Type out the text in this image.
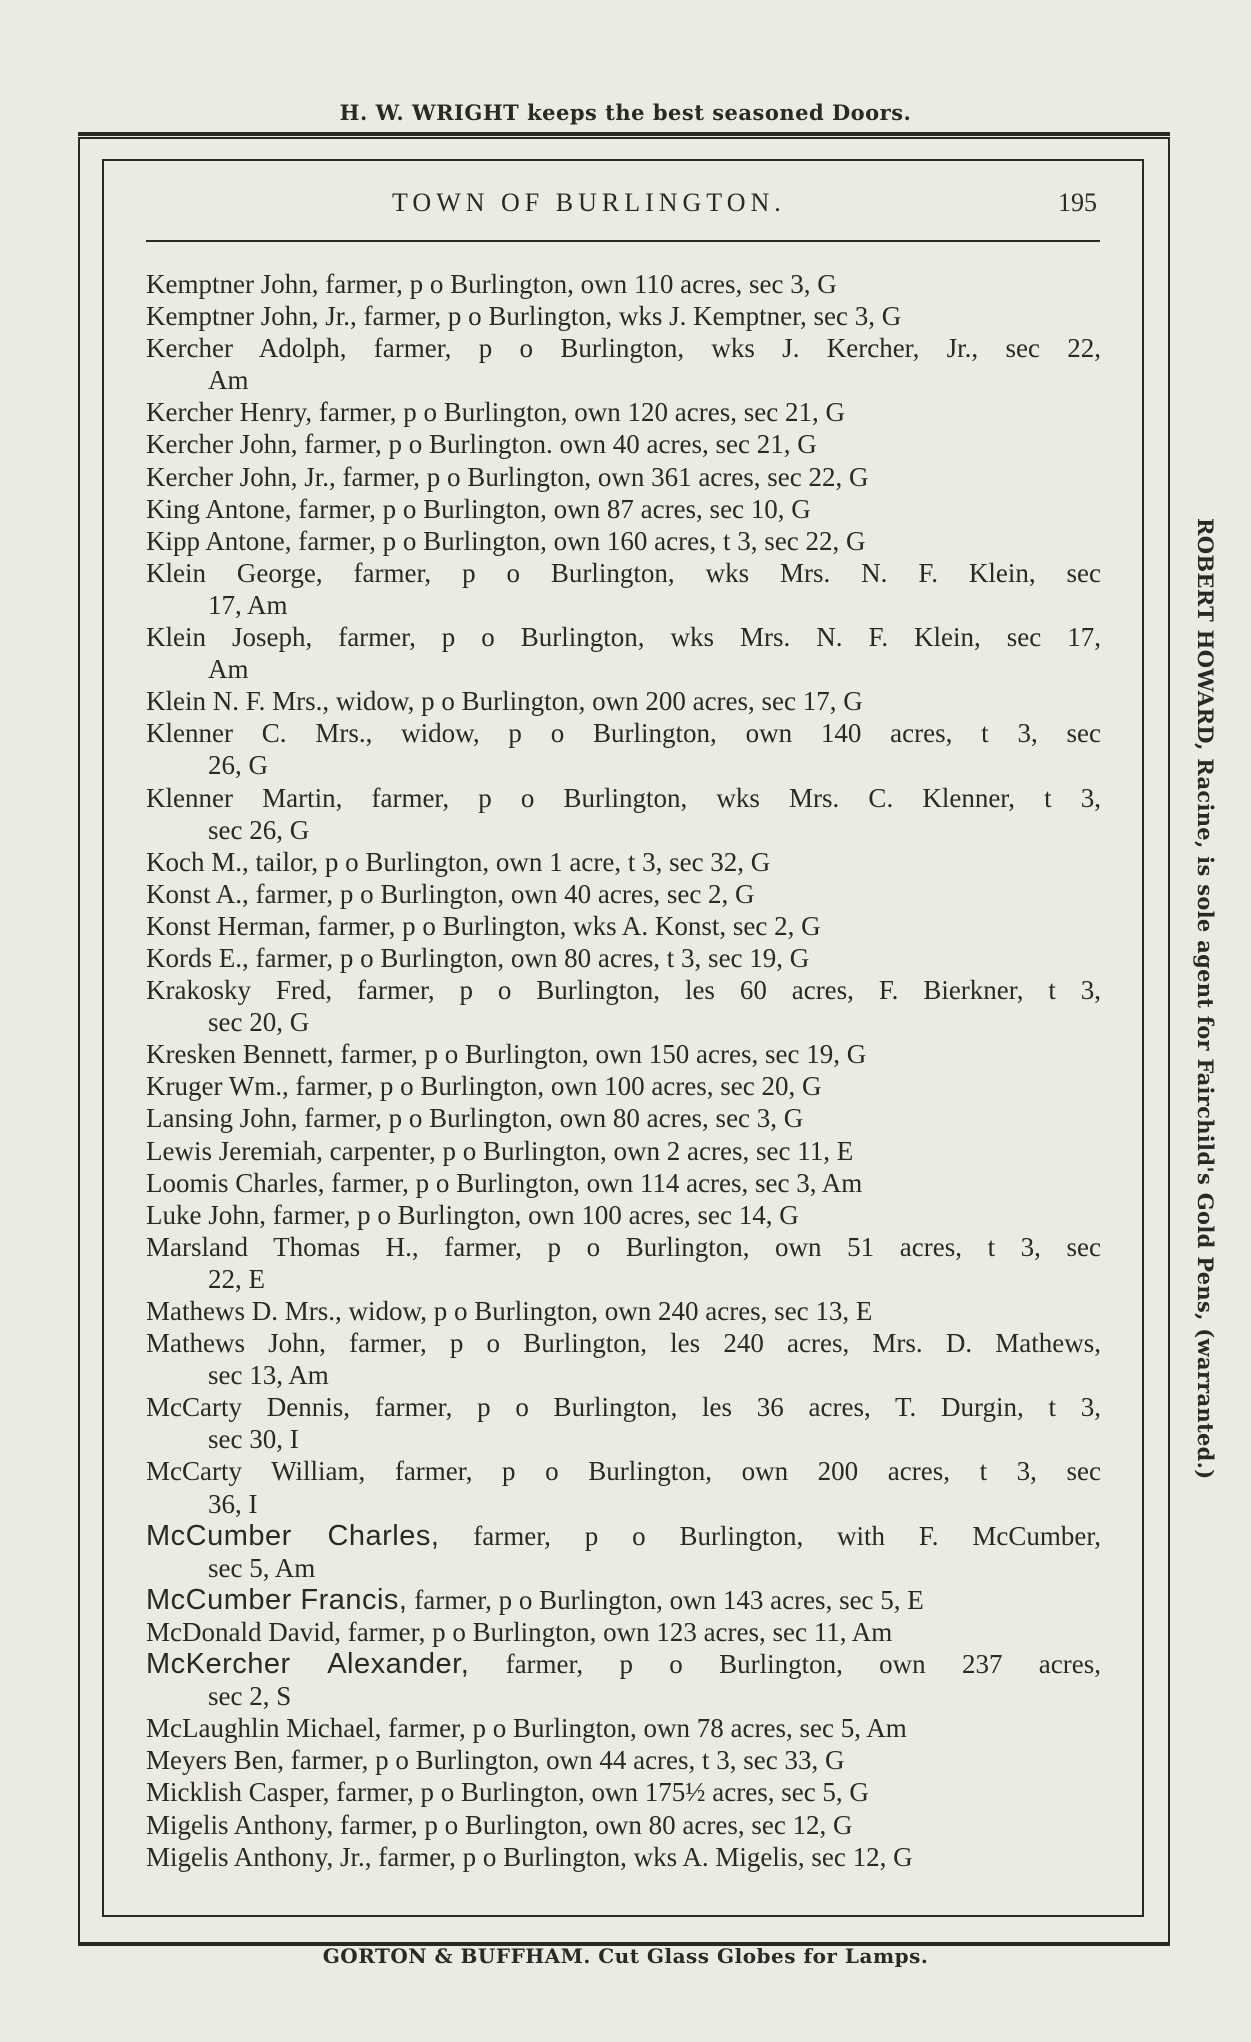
H. W. WRIGHT keeps the best seasoned Doors.
ROBERT HOWARD, Racine, is sole agent for Fairchild's Gold Pens, (warranted.)
TOWN OF BURLINGTON.	195
Kemptner John, farmer, p o Burlington, own 110 acres, sec 3, G
Kemptner John, Jr., farmer, p o Burlington, wks J. Kemptner, sec 3, G
Kercher Adolph, farmer, p o Burlington, wks J. Kercher, Jr., sec 22,
Am
Kercher Henry, farmer, p o Burlington, own 120 acres, sec 21, G
Kercher John, farmer, p o Burlington. own 40 acres, sec 21, G
Kercher John, Jr., farmer, p o Burlington, own 361 acres, sec 22, G
King Antone, farmer, p o Burlington, own 87 acres, sec 10, G
Kipp Antone, farmer, p o Burlington, own 160 acres, t 3, sec 22, G
Klein George, farmer, p o Burlington, wks Mrs. N. F. Klein, sec
17, Am
Klein Joseph, farmer, p o Burlington, wks Mrs. N. F. Klein, sec 17,
Am
Klein N. F. Mrs., widow, p o Burlington, own 200 acres, sec 17, G
Klenner C. Mrs., widow, p o Burlington, own 140 acres, t 3, sec
26, G
Klenner Martin, farmer, p o Burlington, wks Mrs. C. Klenner, t 3,
sec 26, G
Koch M., tailor, p o Burlington, own 1 acre, t 3, sec 32, G
Konst A., farmer, p o Burlington, own 40 acres, sec 2, G
Konst Herman, farmer, p o Burlington, wks A. Konst, sec 2, G
Kords E., farmer, p o Burlington, own 80 acres, t 3, sec 19, G
Krakosky Fred, farmer, p o Burlington, les 60 acres, F. Bierkner, t 3,
sec 20, G
Kresken Bennett, farmer, p o Burlington, own 150 acres, sec 19, G
Kruger Wm., farmer, p o Burlington, own 100 acres, sec 20, G
Lansing John, farmer, p o Burlington, own 80 acres, sec 3, G
Lewis Jeremiah, carpenter, p o Burlington, own 2 acres, sec 11, E
Loomis Charles, farmer, p o Burlington, own 114 acres, sec 3, Am
Luke John, farmer, p o Burlington, own 100 acres, sec 14, G
Marsland Thomas H., farmer, p o Burlington, own 51 acres, t 3, sec
22, E
Mathews D. Mrs., widow, p o Burlington, own 240 acres, sec 13, E
Mathews John, farmer, p o Burlington, les 240 acres, Mrs. D. Mathews,
sec 13, Am
McCarty Dennis, farmer, p o Burlington, les 36 acres, T. Durgin, t 3,
sec 30, I
McCarty William, farmer, p o Burlington, own 200 acres, t 3, sec
36, I
McCumber Charles, farmer, p o Burlington, with F. McCumber,
sec 5, Am
McCumber Francis, farmer, p o Burlington, own 143 acres, sec 5, E
McDonald David, farmer, p o Burlington, own 123 acres, sec 11, Am
McKercher Alexander, farmer, p o Burlington, own 237 acres,
sec 2, S
McLaughlin Michael, farmer, p o Burlington, own 78 acres, sec 5, Am
Meyers Ben, farmer, p o Burlington, own 44 acres, t 3, sec 33, G
Micklish Casper, farmer, p o Burlington, own 175½ acres, sec 5, G
Migelis Anthony, farmer, p o Burlington, own 80 acres, sec 12, G
Migelis Anthony, Jr., farmer, p o Burlington, wks A. Migelis, sec 12, G
GORTON & BUFFHAM. Cut Glass Globes for Lamps.
